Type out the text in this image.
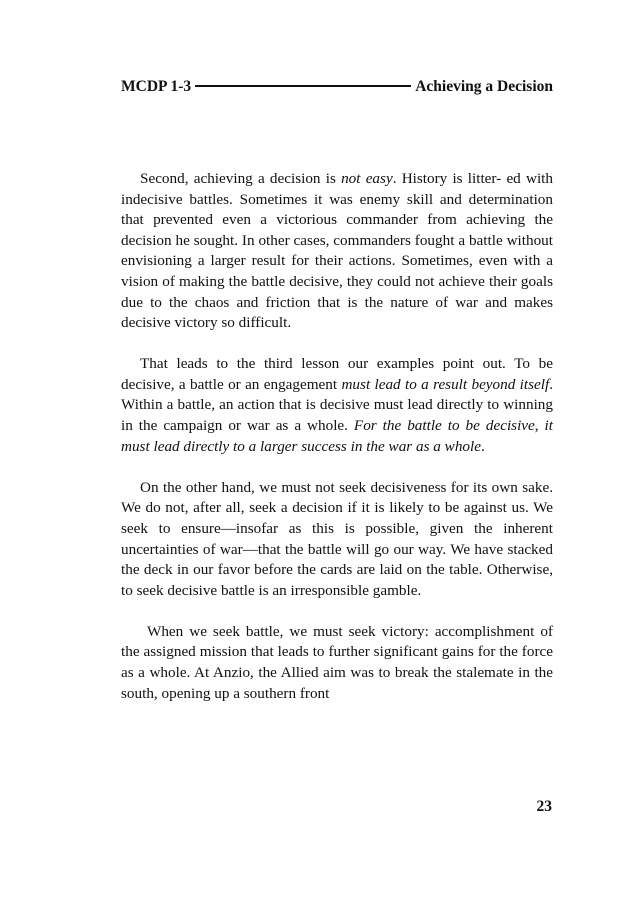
MCDP 1-3	Achieving a Decision

Second, achieving a decision is not easy. History is litter- ed with indecisive battles. Sometimes it was enemy skill and determination that prevented even a victorious commander from achieving the decision he sought. In other cases, commanders fought a battle without envisioning a larger result for their actions. Sometimes, even with a vision of making the battle decisive, they could not achieve their goals due to the chaos and friction that is the nature of war and makes decisive victory so difficult.

That leads to the third lesson our examples point out. To be decisive, a battle or an engagement must lead to a result beyond itself. Within a battle, an action that is decisive must lead directly to winning in the campaign or war as a whole. For the battle to be decisive, it must lead directly to a larger success in the war as a whole.

On the other hand, we must not seek decisiveness for its own sake. We do not, after all, seek a decision if it is likely to be against us. We seek to ensure—insofar as this is possible, given the inherent uncertainties of war—that the battle will go our way. We have stacked the deck in our favor before the cards are laid on the table. Otherwise, to seek decisive battle is an irresponsible gamble.

When we seek battle, we must seek victory: accomplishment of the assigned mission that leads to further significant gains for the force as a whole. At Anzio, the Allied aim was to break the stalemate in the south, opening up a southern front

23
